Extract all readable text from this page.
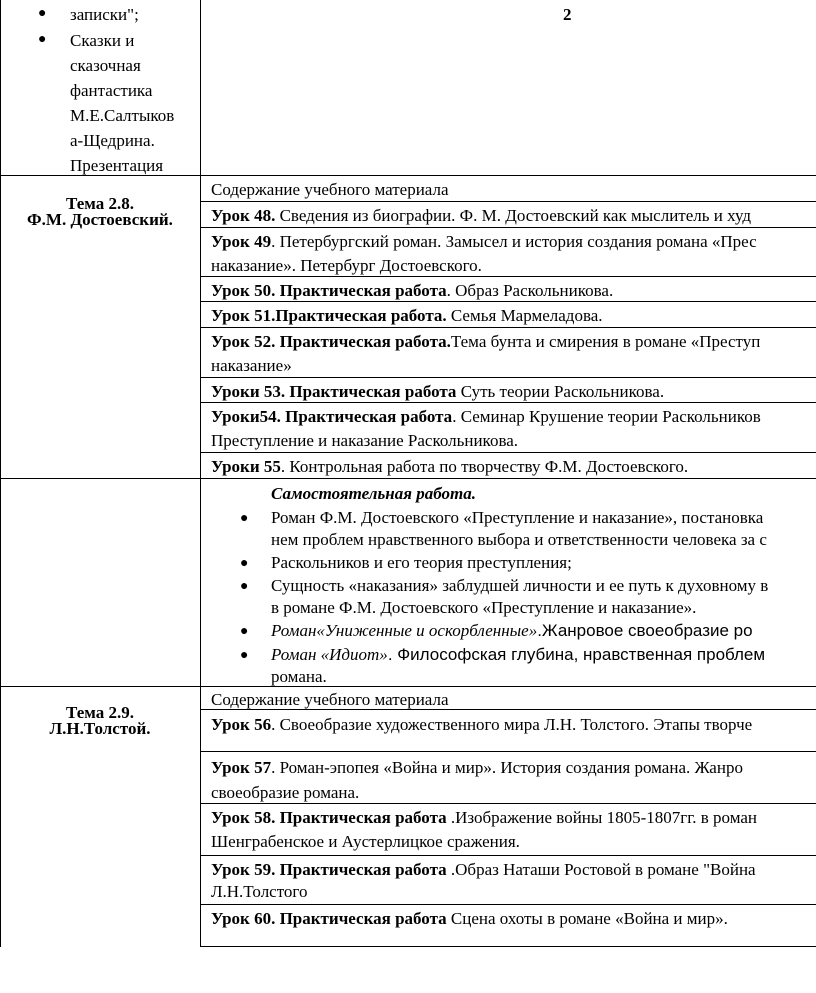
● записки";
● Сказки и
сказочная
фантастика
М.Е.Салтыков
а-Щедрина.
Презентация
2
Тема 2.8.
Ф.М. Достоевский.
Содержание учебного материала
Урок 48. Сведения из биографии. Ф. М. Достоевский как мыслитель и худ
Урок 49. Петербургский роман. Замысел и история создания романа «Прес
наказание». Петербург Достоевского.
Урок 50. Практическая работа. Образ Раскольникова.
Урок 51.Практическая работа. Семья Мармеладова.
Урок 52. Практическая работа.Тема бунта и смирения в романе «Преступ
наказание»
Уроки 53. Практическая работа Суть теории Раскольникова.
Уроки54. Практическая работа. Семинар Крушение теории Раскольников
Преступление и наказание Раскольникова.
Уроки 55. Контрольная работа по творчеству Ф.М. Достоевского.
Самостоятельная работа.
● Роман Ф.М. Достоевского «Преступление и наказание», постановка
нем проблем нравственного выбора и ответственности человека за с
● Раскольников и его теория преступления;
● Сущность «наказания» заблудшей личности и ее путь к духовному в
в романе Ф.М. Достоевского «Преступление и наказание».
● Роман«Униженные и оскорбленные».Жанровое своеобразие ро
● Роман «Идиот». Философская глубина, нравственная проблем
романа.
Тема 2.9.
Л.Н.Толстой.
Содержание учебного материала
Урок 56. Своеобразие художественного мира Л.Н. Толстого. Этапы творче
Урок 57. Роман-эпопея «Война и мир». История создания романа. Жанро
своеобразие романа.
Урок 58. Практическая работа .Изображение войны 1805-1807гг. в роман
Шенграбенское и Аустерлицкое сражения.
Урок 59. Практическая работа .Образ Наташи Ростовой в романе "Война
Л.Н.Толстого
Урок 60. Практическая работа Сцена охоты в романе «Война и мир».
